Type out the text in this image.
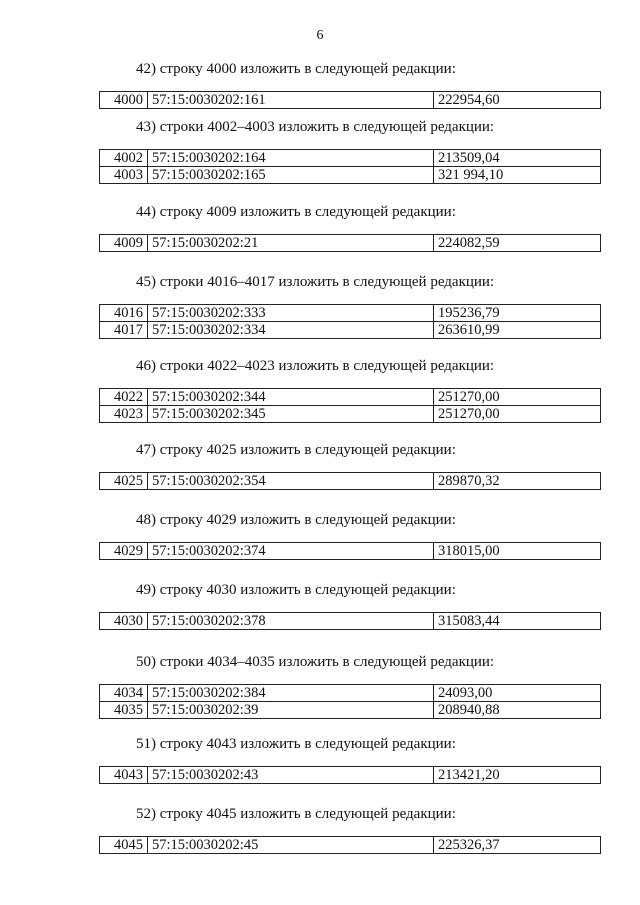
6
42) строку 4000 изложить в следующей редакции:
4000	57:15:0030202:161	222954,60
43) строки 4002–4003 изложить в следующей редакции:
4002	57:15:0030202:164	213509,04
4003	57:15:0030202:165	321 994,10
44) строку 4009 изложить в следующей редакции:
4009	57:15:0030202:21	224082,59
45) строки 4016–4017 изложить в следующей редакции:
4016	57:15:0030202:333	195236,79
4017	57:15:0030202:334	263610,99
46) строки 4022–4023 изложить в следующей редакции:
4022	57:15:0030202:344	251270,00
4023	57:15:0030202:345	251270,00
47) строку 4025 изложить в следующей редакции:
4025	57:15:0030202:354	289870,32
48) строку 4029 изложить в следующей редакции:
4029	57:15:0030202:374	318015,00
49) строку 4030 изложить в следующей редакции:
4030	57:15:0030202:378	315083,44
50) строки 4034–4035 изложить в следующей редакции:
4034	57:15:0030202:384	24093,00
4035	57:15:0030202:39	208940,88
51) строку 4043 изложить в следующей редакции:
4043	57:15:0030202:43	213421,20
52) строку 4045 изложить в следующей редакции:
4045	57:15:0030202:45	225326,37
